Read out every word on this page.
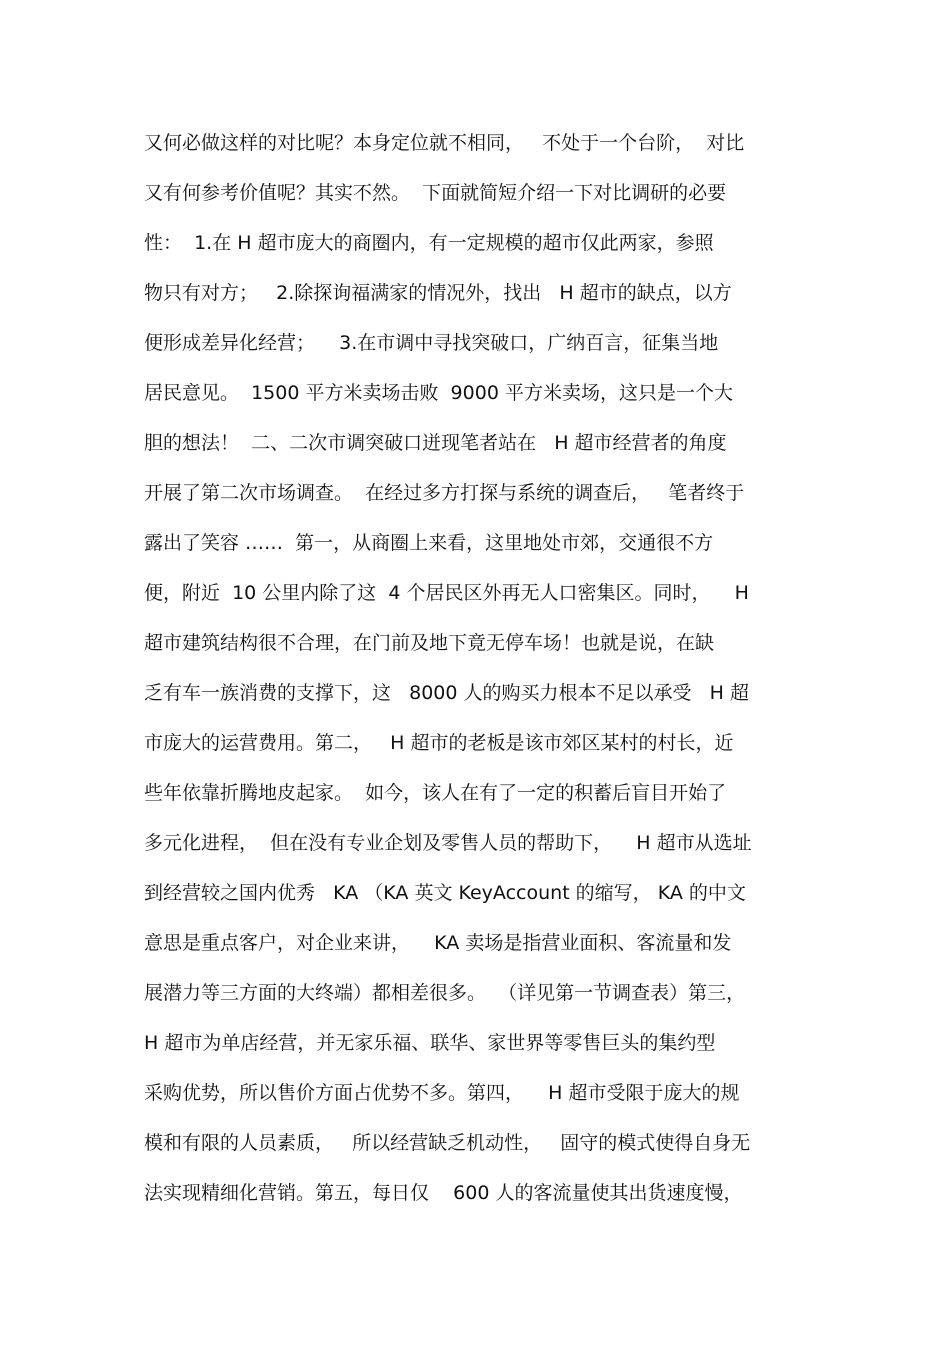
又何必做这样的对比呢？本身定位就不相同，   不处于一个台阶，  对比
又有何参考价值呢？其实不然。  下面就简短介绍一下对比调研的必要
性：  1.在 H 超市庞大的商圈内，有一定规模的超市仅此两家，参照
物只有对方；   2.除探询福满家的情况外，找出   H 超市的缺点，以方
便形成差异化经营；    3.在市调中寻找突破口，广纳百言，征集当地
居民意见。  1500 平方米卖场击败  9000 平方米卖场，这只是一个大
胆的想法！  二、二次市调突破口迸现笔者站在   H 超市经营者的角度
开展了第二次市场调查。  在经过多方打探与系统的调查后，   笔者终于
露出了笑容 ……  第一，从商圈上来看，这里地处市郊，交通很不方
便，附近  10 公里内除了这  4 个居民区外再无人口密集区。同时，    H
超市建筑结构很不合理，在门前及地下竟无停车场！也就是说，在缺
乏有车一族消费的支撑下，这   8000 人的购买力根本不足以承受   H 超
市庞大的运营费用。第二，   H 超市的老板是该市郊区某村的村长，近
些年依靠折腾地皮起家。  如今，该人在有了一定的积蓄后盲目开始了
多元化进程，  但在没有专业企划及零售人员的帮助下，    H 超市从选址
到经营较之国内优秀   KA （KA 英文 KeyAccount 的缩写， KA 的中文
意思是重点客户，对企业来讲，    KA 卖场是指营业面积、客流量和发
展潜力等三方面的大终端）都相差很多。  （详见第一节调查表）第三，
H 超市为单店经营，并无家乐福、联华、家世界等零售巨头的集约型
采购优势，所以售价方面占优势不多。第四，    H 超市受限于庞大的规
模和有限的人员素质，   所以经营缺乏机动性，   固守的模式使得自身无
法实现精细化营销。第五，每日仅    600 人的客流量使其出货速度慢，
